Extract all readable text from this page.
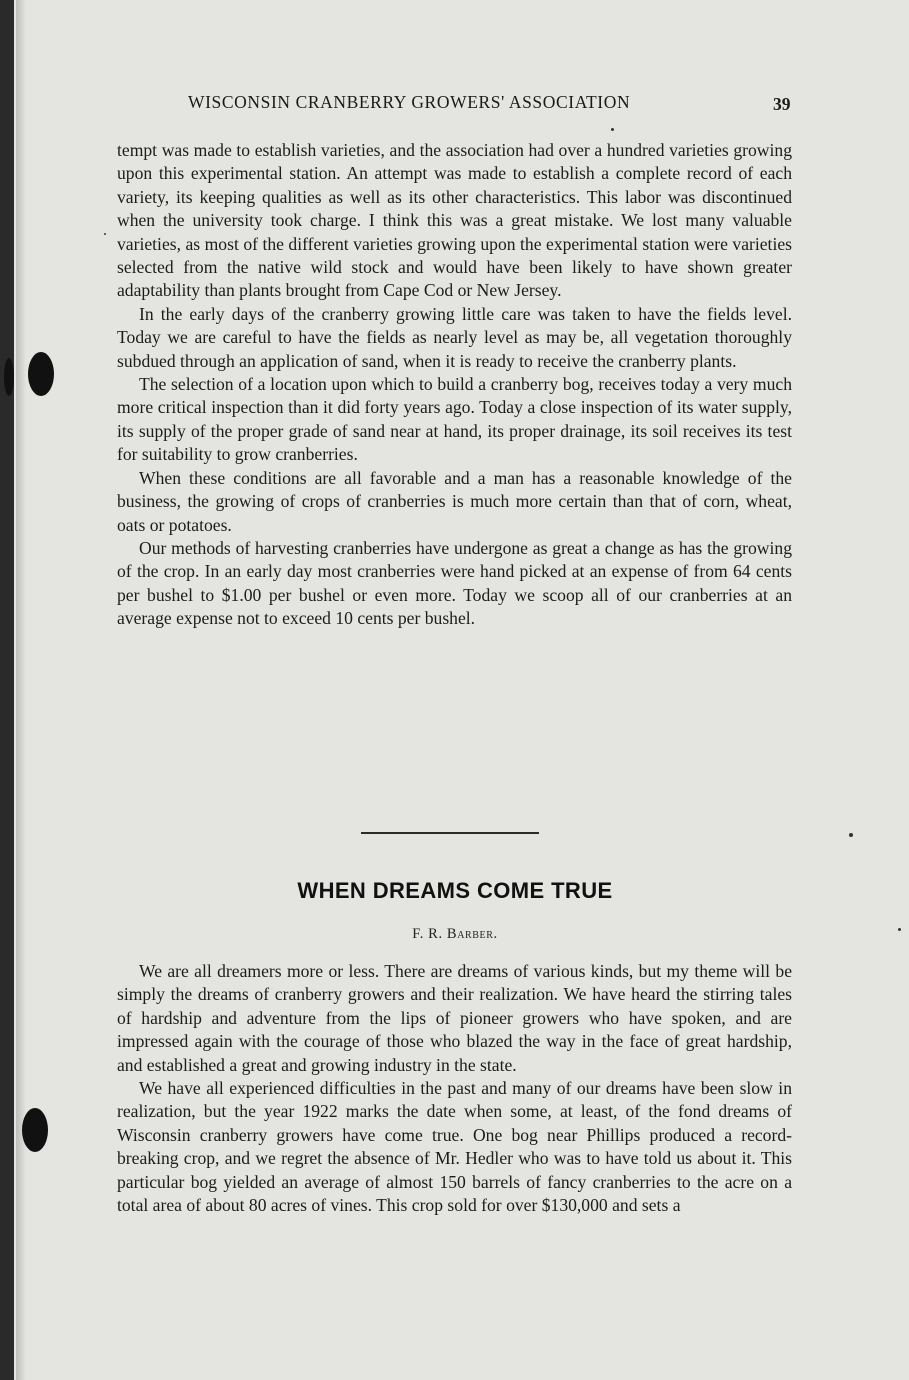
WISCONSIN CRANBERRY GROWERS' ASSOCIATION	39

tempt was made to establish varieties, and the association had over a hundred varieties growing upon this experimental station. An attempt was made to establish a complete record of each variety, its keeping qualities as well as its other characteristics. This labor was discontinued when the university took charge. I think this was a great mistake. We lost many valuable varieties, as most of the different varieties growing upon the experimental station were varieties selected from the native wild stock and would have been likely to have shown greater adaptability than plants brought from Cape Cod or New Jersey.

In the early days of the cranberry growing little care was taken to have the fields level. Today we are careful to have the fields as nearly level as may be, all vegetation thoroughly subdued through an application of sand, when it is ready to receive the cranberry plants.

The selection of a location upon which to build a cranberry bog, receives today a very much more critical inspection than it did forty years ago. Today a close inspection of its water supply, its supply of the proper grade of sand near at hand, its proper drainage, its soil receives its test for suitability to grow cranberries.

When these conditions are all favorable and a man has a reasonable knowledge of the business, the growing of crops of cranberries is much more certain than that of corn, wheat, oats or potatoes.

Our methods of harvesting cranberries have undergone as great a change as has the growing of the crop. In an early day most cranberries were hand picked at an expense of from 64 cents per bushel to $1.00 per bushel or even more. Today we scoop all of our cranberries at an average expense not to exceed 10 cents per bushel.

WHEN DREAMS COME TRUE
F. R. Barber.

We are all dreamers more or less. There are dreams of various kinds, but my theme will be simply the dreams of cranberry growers and their realization. We have heard the stirring tales of hardship and adventure from the lips of pioneer growers who have spoken, and are impressed again with the courage of those who blazed the way in the face of great hardship, and established a great and growing industry in the state.

We have all experienced difficulties in the past and many of our dreams have been slow in realization, but the year 1922 marks the date when some, at least, of the fond dreams of Wisconsin cranberry growers have come true. One bog near Phillips produced a record-breaking crop, and we regret the absence of Mr. Hedler who was to have told us about it. This particular bog yielded an average of almost 150 barrels of fancy cranberries to the acre on a total area of about 80 acres of vines. This crop sold for over $130,000 and sets a
